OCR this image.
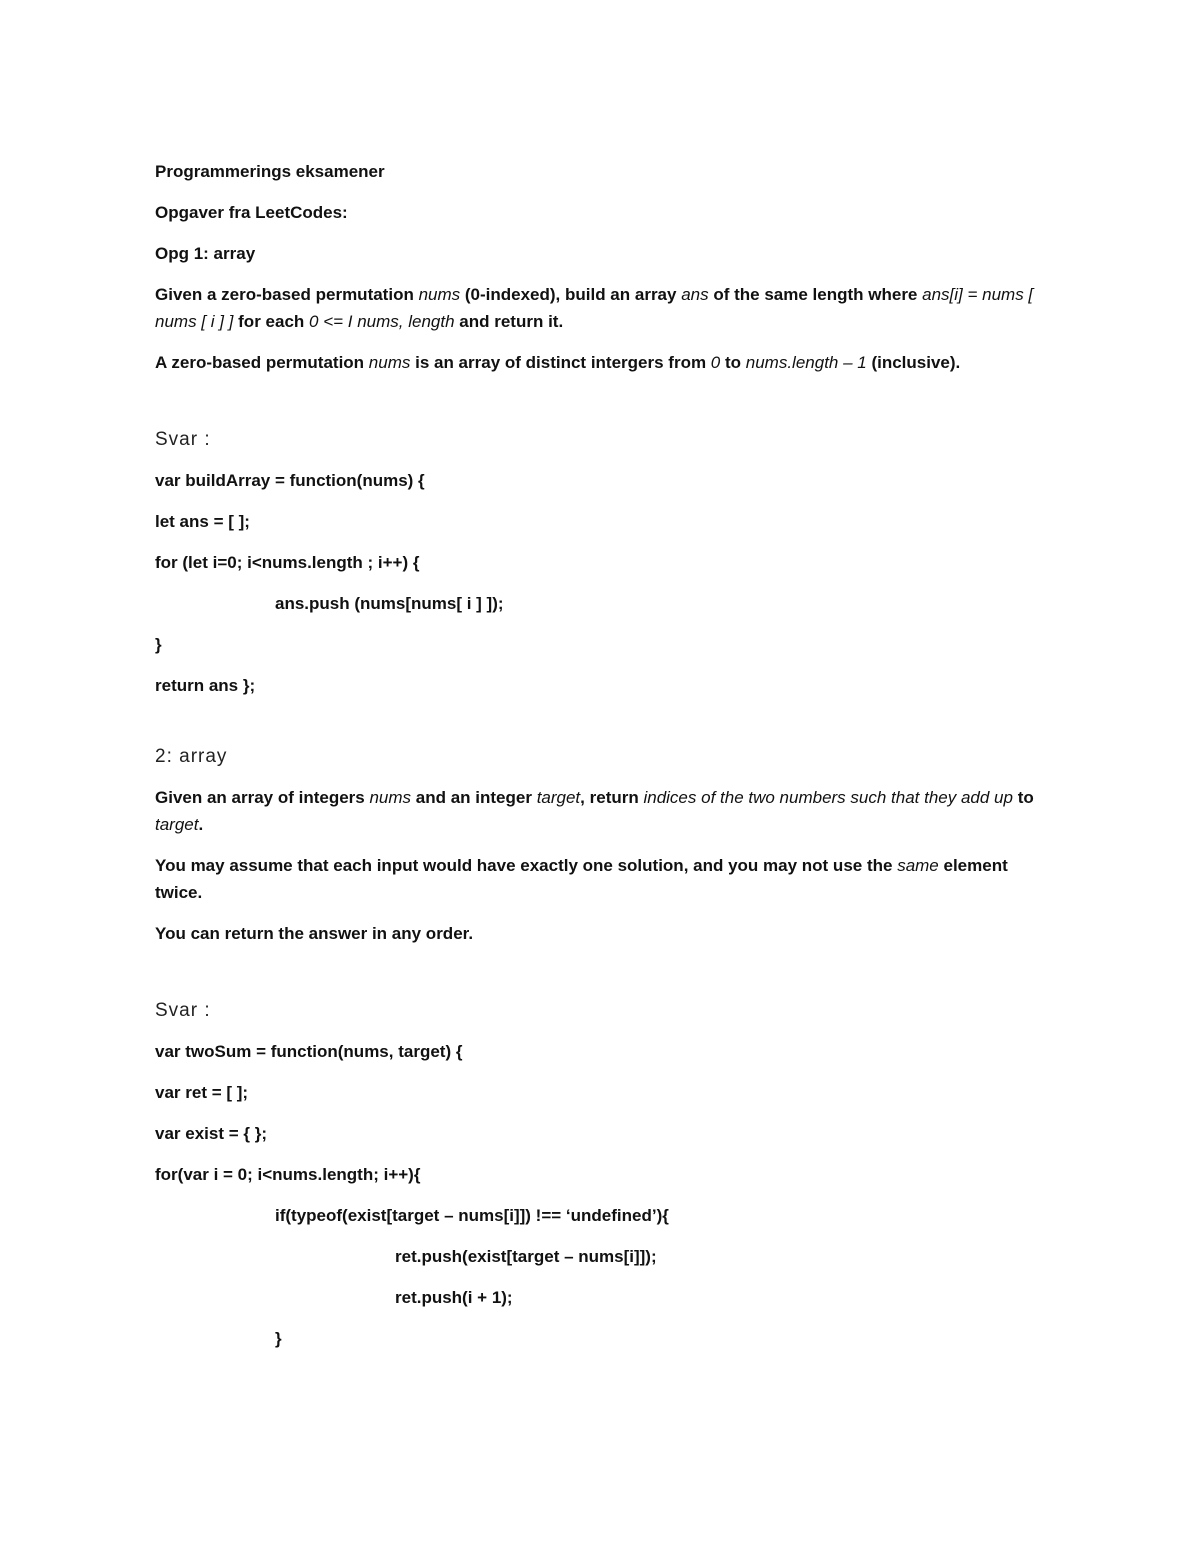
Programmerings eksamener
Opgaver fra LeetCodes:
Opg 1: array
Given a zero-based permutation nums (0-indexed), build an array ans of the same length where ans[i] = nums [ nums [ i ] ] for each 0 <= I nums, length and return it.
A zero-based permutation nums is an array of distinct intergers from 0 to nums.length – 1 (inclusive).
Svar :
var buildArray = function(nums) {
let ans = [ ];
for (let i=0; i<nums.length ; i++) {
ans.push (nums[nums[ i ] ]);
}
return ans };
2: array
Given an array of integers nums and an integer target, return indices of the two numbers such that they add up to target.
You may assume that each input would have exactly one solution, and you may not use the same element twice.
You can return the answer in any order.
Svar :
var twoSum = function(nums, target) {
var ret = [ ];
var exist = { };
for(var i = 0; i<nums.length; i++){
if(typeof(exist[target – nums[i]]) !== ‘undefined’){
ret.push(exist[target – nums[i]]);
ret.push(i + 1);
}
